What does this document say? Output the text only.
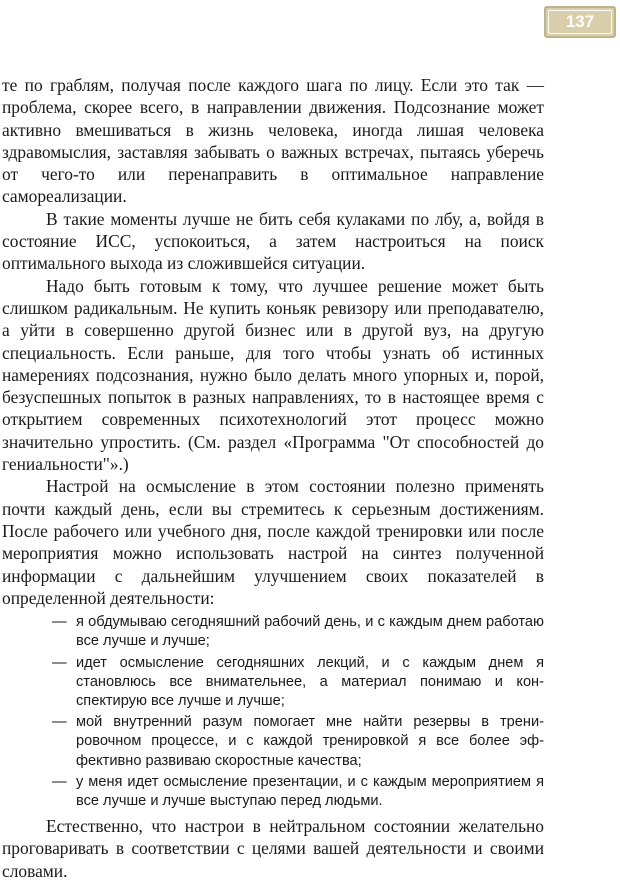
137

те по граблям, получая после каждого шага по лицу. Если это так — проблема, скорее всего, в направлении движения. Подсознание может активно вмешиваться в жизнь человека, иногда лишая человека здравомыслия, заставляя забывать о важных встречах, пытаясь уберечь от чего-то или перенаправить в оптимальное направление самореализации.

В такие моменты лучше не бить себя кулаками по лбу, а, войдя в состояние ИСС, успокоиться, а затем настроиться на поиск оптимального выхода из сложившейся ситуации.

Надо быть готовым к тому, что лучшее решение может быть слишком радикальным. Не купить коньяк ревизору или преподавателю, а уйти в совершенно другой бизнес или в другой вуз, на другую специальность. Если раньше, для того чтобы узнать об истинных намерениях подсознания, нужно было делать много упорных и, порой, безуспешных попыток в разных направлениях, то в настоящее время с открытием современных психотехнологий этот процесс можно значительно упростить. (См. раздел «Программа "От способностей до гениальности"».)

Настрой на осмысление в этом состоянии полезно применять почти каждый день, если вы стремитесь к серьезным достижениям. После рабочего или учебного дня, после каждой тренировки или после мероприятия можно использовать настрой на синтез полученной информации с дальнейшим улучшением своих показателей в определенной деятельности:

— я обдумываю сегодняшний рабочий день, и с каждым днем работаю все лучше и лучше;
— идет осмысление сегодняшних лекций, и с каждым днем я становлюсь все внимательнее, а материал понимаю и конспектирую все лучше и лучше;
— мой внутренний разум помогает мне найти резервы в тренировочном процессе, и с каждой тренировкой я все более эффективно развиваю скоростные качества;
— у меня идет осмысление презентации, и с каждым мероприятием я все лучше и лучше выступаю перед людьми.

Естественно, что настрои в нейтральном состоянии желательно проговаривать в соответствии с целями вашей деятельности и своими словами.
